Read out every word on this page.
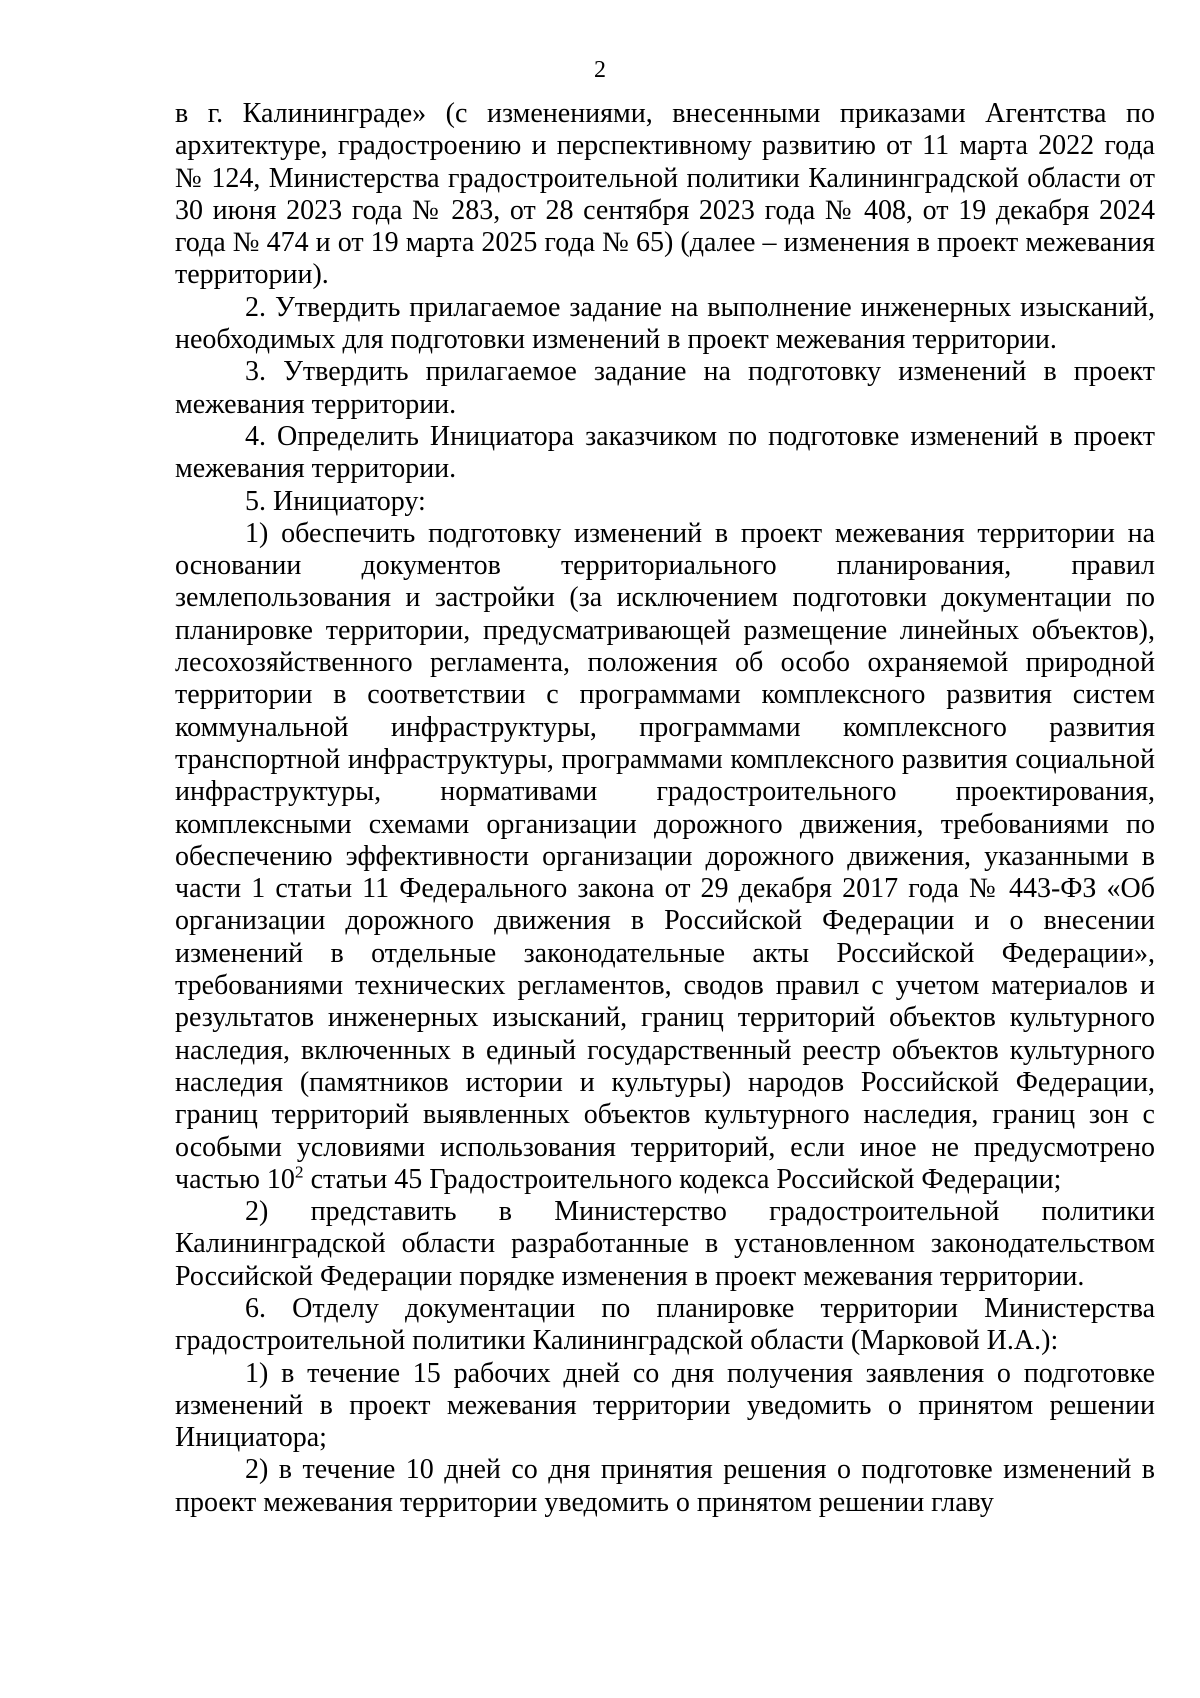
2

в г. Калининграде» (с изменениями, внесенными приказами Агентства по архитектуре, градостроению и перспективному развитию от 11 марта 2022 года № 124, Министерства градостроительной политики Калининградской области от 30 июня 2023 года № 283, от 28 сентября 2023 года № 408, от 19 декабря 2024 года № 474 и от 19 марта 2025 года № 65) (далее – изменения в проект межевания территории).

2. Утвердить прилагаемое задание на выполнение инженерных изысканий, необходимых для подготовки изменений в проект межевания территории.

3. Утвердить прилагаемое задание на подготовку изменений в проект межевания территории.

4. Определить Инициатора заказчиком по подготовке изменений в проект межевания территории.

5. Инициатору:

1) обеспечить подготовку изменений в проект межевания территории на основании документов территориального планирования, правил землепользования и застройки (за исключением подготовки документации по планировке территории, предусматривающей размещение линейных объектов), лесохозяйственного регламента, положения об особо охраняемой природной территории в соответствии с программами комплексного развития систем коммунальной инфраструктуры, программами комплексного развития транспортной инфраструктуры, программами комплексного развития социальной инфраструктуры, нормативами градостроительного проектирования, комплексными схемами организации дорожного движения, требованиями по обеспечению эффективности организации дорожного движения, указанными в части 1 статьи 11 Федерального закона от 29 декабря 2017 года № 443-ФЗ «Об организации дорожного движения в Российской Федерации и о внесении изменений в отдельные законодательные акты Российской Федерации», требованиями технических регламентов, сводов правил с учетом материалов и результатов инженерных изысканий, границ территорий объектов культурного наследия, включенных в единый государственный реестр объектов культурного наследия (памятников истории и культуры) народов Российской Федерации, границ территорий выявленных объектов культурного наследия, границ зон с особыми условиями использования территорий, если иное не предусмотрено частью $10^2$ статьи 45 Градостроительного кодекса Российской Федерации;

2) представить в Министерство градостроительной политики Калининградской области разработанные в установленном законодательством Российской Федерации порядке изменения в проект межевания территории.

6. Отделу документации по планировке территории Министерства градостроительной политики Калининградской области (Марковой И.А.):

1) в течение 15 рабочих дней со дня получения заявления о подготовке изменений в проект межевания территории уведомить о принятом решении Инициатора;

2) в течение 10 дней со дня принятия решения о подготовке изменений в проект межевания территории уведомить о принятом решении главу
